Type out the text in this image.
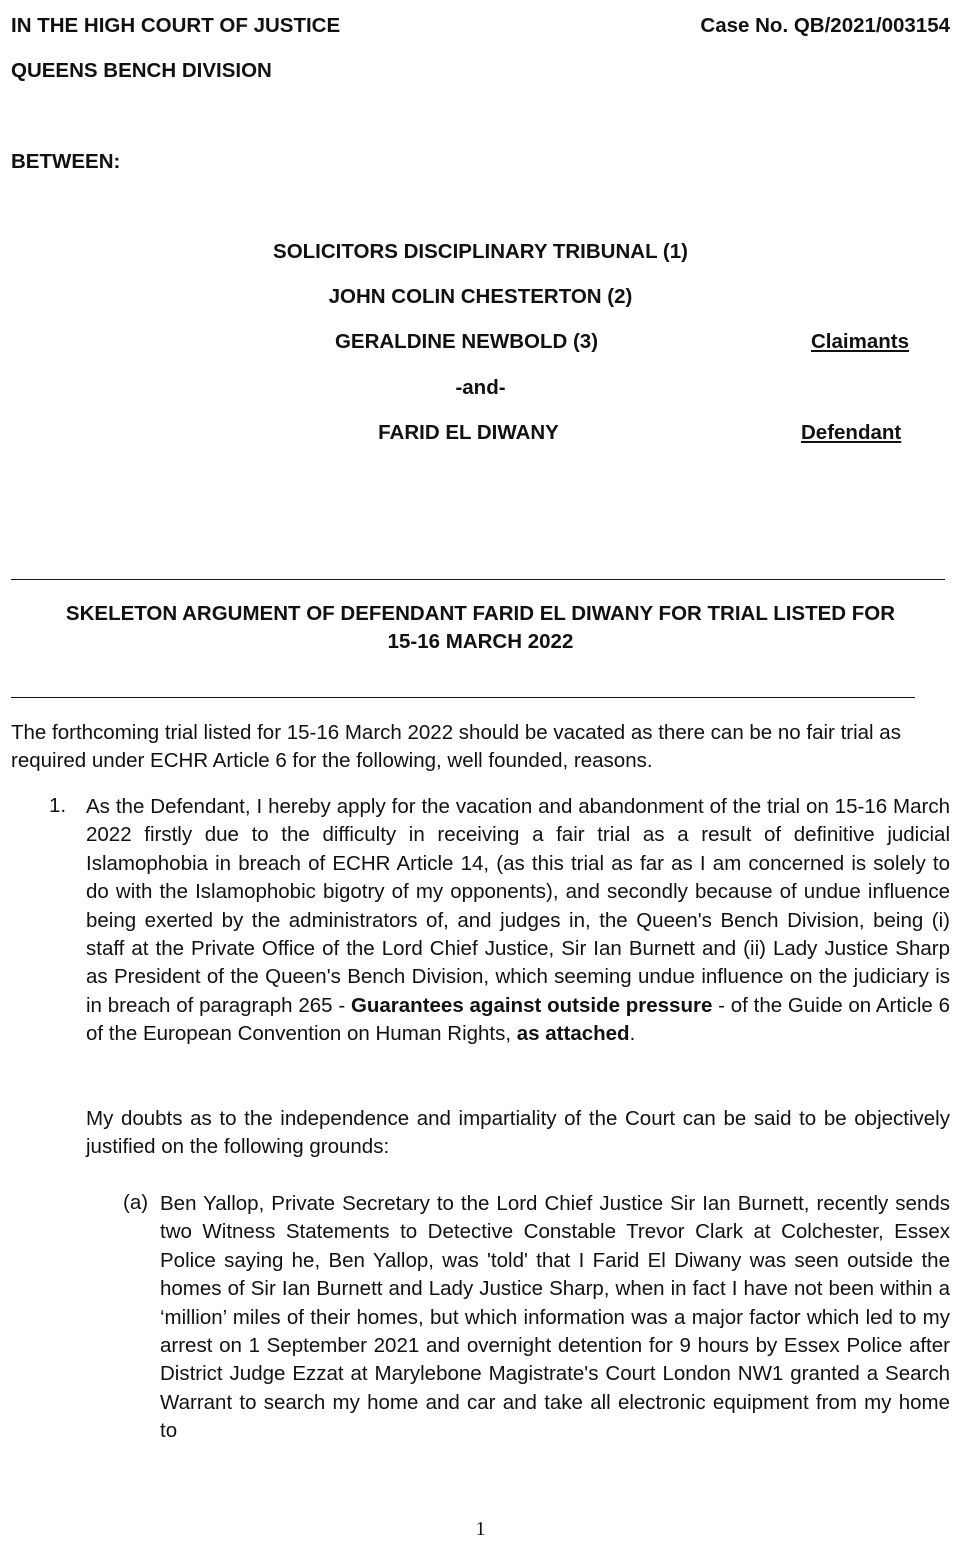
IN THE HIGH COURT OF JUSTICE	Case No. QB/2021/003154
QUEENS BENCH DIVISION
BETWEEN:
SOLICITORS DISCIPLINARY TRIBUNAL (1)
JOHN COLIN CHESTERTON (2)
GERALDINE NEWBOLD (3)	Claimants
-and-
FARID EL DIWANY	Defendant
SKELETON ARGUMENT OF DEFENDANT FARID EL DIWANY FOR TRIAL LISTED FOR
15-16 MARCH 2022
The forthcoming trial listed for 15-16 March 2022 should be vacated as there can be no fair trial as required under ECHR Article 6 for the following, well founded, reasons.
1. As the Defendant, I hereby apply for the vacation and abandonment of the trial on 15-16 March 2022 firstly due to the difficulty in receiving a fair trial as a result of definitive judicial Islamophobia in breach of ECHR Article 14, (as this trial as far as I am concerned is solely to do with the Islamophobic bigotry of my opponents), and secondly because of undue influence being exerted by the administrators of, and judges in, the Queen's Bench Division, being (i) staff at the Private Office of the Lord Chief Justice, Sir Ian Burnett and (ii) Lady Justice Sharp as President of the Queen's Bench Division, which seeming undue influence on the judiciary is in breach of paragraph 265 - Guarantees against outside pressure - of the Guide on Article 6 of the European Convention on Human Rights, as attached.
My doubts as to the independence and impartiality of the Court can be said to be objectively justified on the following grounds:
(a) Ben Yallop, Private Secretary to the Lord Chief Justice Sir Ian Burnett, recently sends two Witness Statements to Detective Constable Trevor Clark at Colchester, Essex Police saying he, Ben Yallop, was 'told' that I Farid El Diwany was seen outside the homes of Sir Ian Burnett and Lady Justice Sharp, when in fact I have not been within a ‘million’ miles of their homes, but which information was a major factor which led to my arrest on 1 September 2021 and overnight detention for 9 hours by Essex Police after District Judge Ezzat at Marylebone Magistrate's Court London NW1 granted a Search Warrant to search my home and car and take all electronic equipment from my home to
1
